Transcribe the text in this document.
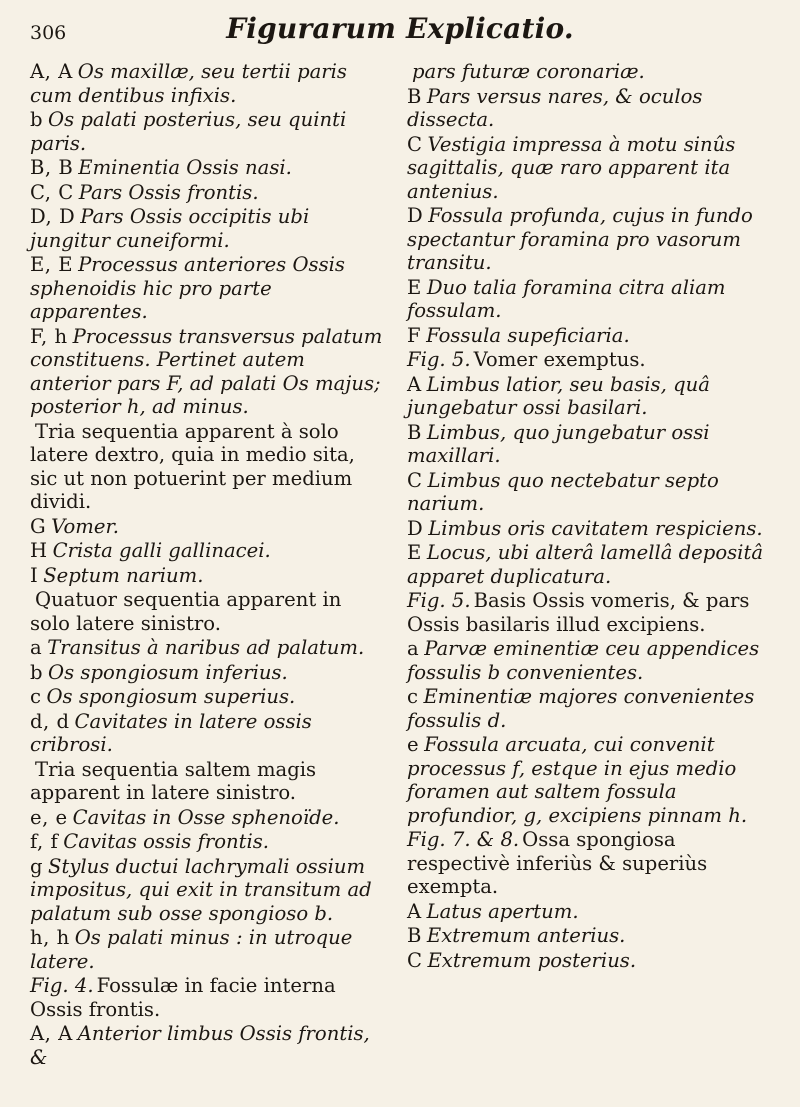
306	Figurarum Explicatio.
A, A Os maxillæ, seu tertii paris cum dentibus infixis.
b Os palati posterius, seu quinti paris.
B, B Eminentia Ossis nasi.
C, C Pars Ossis frontis.
D, D Pars Ossis occipitis ubi jungitur cuneiformi.
E, E Processus anteriores Ossis sphenoidis hic pro parte apparentes.
F, h Processus transversus palatum constituens. Pertinet autem anterior pars F, ad palati Os majus; posterior h, ad minus.
Tria sequentia apparent à solo latere dextro, quia in medio sita, sic ut non potuerint per medium dividi.
G Vomer.
H Crista galli gallinacei.
I Septum narium.
Quatuor sequentia apparent in solo latere sinistro.
a Transitus à naribus ad palatum.
b Os spongiosum inferius.
c Os spongiosum superius.
d, d Cavitates in latere ossis cribrosi.
Tria sequentia saltem magis apparent in latere sinistro.
e, e Cavitas in Osse sphenoïde.
f, f Cavitas ossis frontis.
g Stylus ductui lachrymali ossium impositus, qui exit in transitum ad palatum sub osse spongioso b.
h, h Os palati minus : in utroque latere.
Fig. 4. Fossulæ in facie interna Ossis frontis.
A, A Anterior limbus Ossis frontis, &
pars futuræ coronariæ.
B Pars versus nares, & oculos dissecta.
C Vestigia impressa à motu sinûs sagittalis, quæ raro apparent ita antenius.
D Fossula profunda, cujus in fundo spectantur foramina pro vasorum transitu.
E Duo talia foramina citra aliam fossulam.
F Fossula supeficiaria.
Fig. 5. Vomer exemptus.
A Limbus latior, seu basis, quâ jungebatur ossi basilari.
B Limbus, quo jungebatur ossi maxillari.
C Limbus quo nectebatur septo narium.
D Limbus oris cavitatem respiciens.
E Locus, ubi alterâ lamellâ depositâ apparet duplicatura.
Fig. 5. Basis Ossis vomeris, & pars Ossis basilaris illud excipiens.
a Parvæ eminentiæ ceu appendices fossulis b convenientes.
c Eminentiæ majores convenientes fossulis d.
e Fossula arcuata, cui convenit processus f, estque in ejus medio foramen aut saltem fossula profundior, g, excipiens pinnam h.
Fig. 7. & 8. Ossa spongiosa respectivè inferiùs & superiùs exempta.
A Latus apertum.
B Extremum anterius.
C Extremum posterius.
